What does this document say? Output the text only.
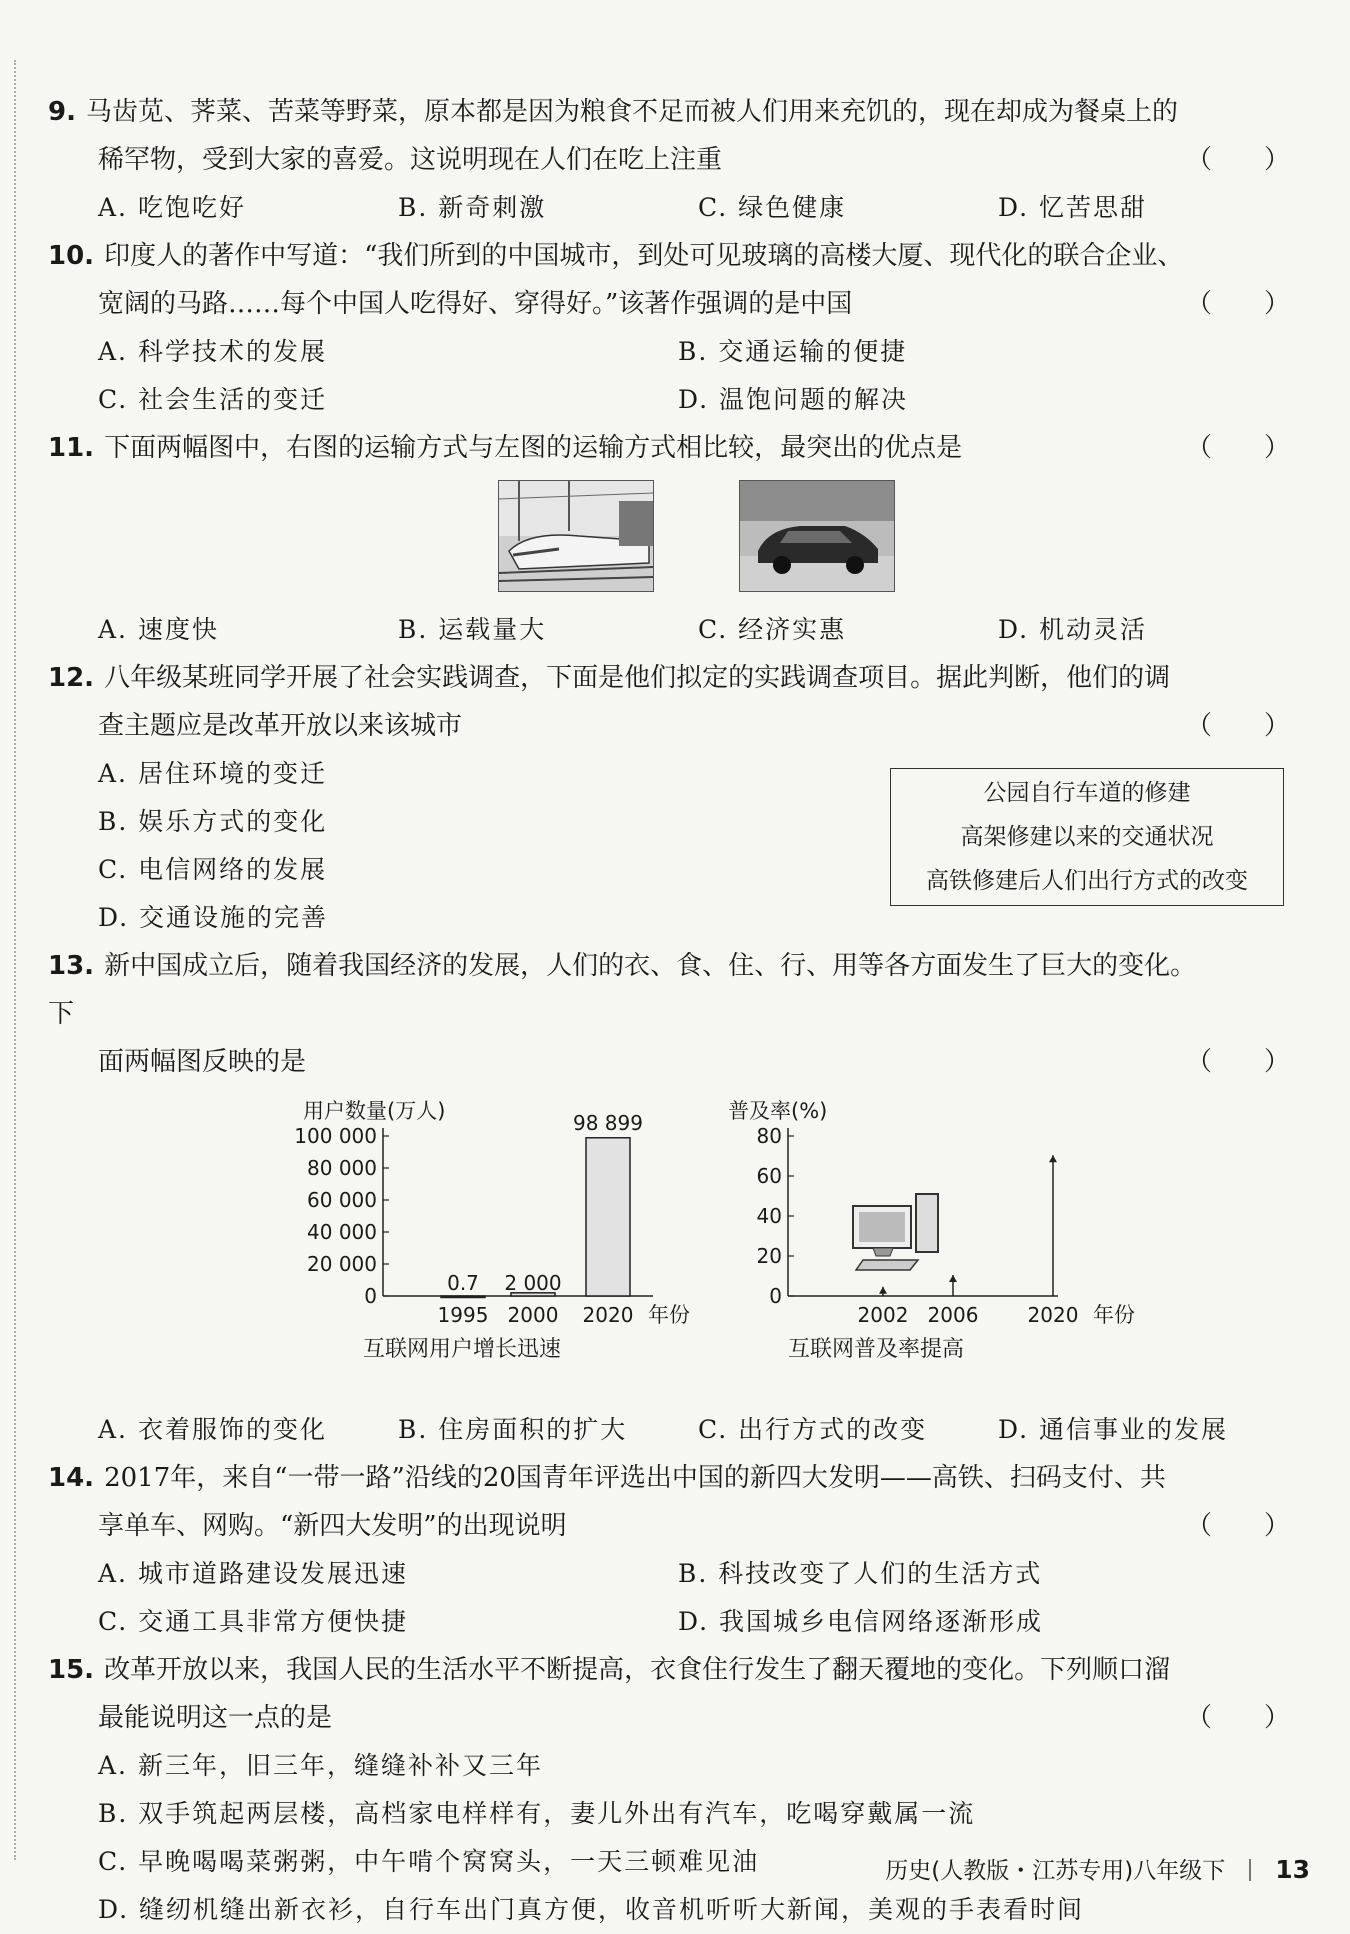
9. 马齿苋、荠菜、苦菜等野菜，原本都是因为粮食不足而被人们用来充饥的，现在却成为餐桌上的
稀罕物，受到大家的喜爱。这说明现在人们在吃上注重	（　　）
A. 吃饱吃好	B. 新奇刺激	C. 绿色健康	D. 忆苦思甜
10. 印度人的著作中写道：“我们所到的中国城市，到处可见玻璃的高楼大厦、现代化的联合企业、
宽阔的马路……每个中国人吃得好、穿得好。”该著作强调的是中国	（　　）
A. 科学技术的发展	B. 交通运输的便捷
C. 社会生活的变迁	D. 温饱问题的解决
11. 下面两幅图中，右图的运输方式与左图的运输方式相比较，最突出的优点是	（　　）

A. 速度快	B. 运载量大	C. 经济实惠	D. 机动灵活
12. 八年级某班同学开展了社会实践调查，下面是他们拟定的实践调查项目。据此判断，他们的调
查主题应是改革开放以来该城市	（　　）
A. 居住环境的变迁
B. 娱乐方式的变化
C. 电信网络的发展
D. 交通设施的完善
公园自行车道的修建
高架修建以来的交通状况
高铁修建后人们出行方式的改变
13. 新中国成立后，随着我国经济的发展，人们的衣、食、住、行、用等各方面发生了巨大的变化。下
面两幅图反映的是	（　　）
用户数量(万人)
0
20 000
40 000
60 000
80 000
100 000
1995
0.7
2000
2 000
2020
98 899
年份
互联网用户增长迅速
普及率(%)
0
20
40
60
80
2002 2006 2020 年份
互联网普及率提高
A. 衣着服饰的变化	B. 住房面积的扩大	C. 出行方式的改变	D. 通信事业的发展
14. 2017年，来自“一带一路”沿线的20国青年评选出中国的新四大发明——高铁、扫码支付、共
享单车、网购。“新四大发明”的出现说明	（　　）
A. 城市道路建设发展迅速	B. 科技改变了人们的生活方式
C. 交通工具非常方便快捷	D. 我国城乡电信网络逐渐形成
15. 改革开放以来，我国人民的生活水平不断提高，衣食住行发生了翻天覆地的变化。下列顺口溜
最能说明这一点的是	（　　）
A. 新三年，旧三年，缝缝补补又三年
B. 双手筑起两层楼，高档家电样样有，妻儿外出有汽车，吃喝穿戴属一流
C. 早晚喝喝菜粥粥，中午啃个窝窝头，一天三顿难见油
D. 缝纫机缝出新衣衫，自行车出门真方便，收音机听听大新闻，美观的手表看时间
历史(人教版・江苏专用)八年级下 13
